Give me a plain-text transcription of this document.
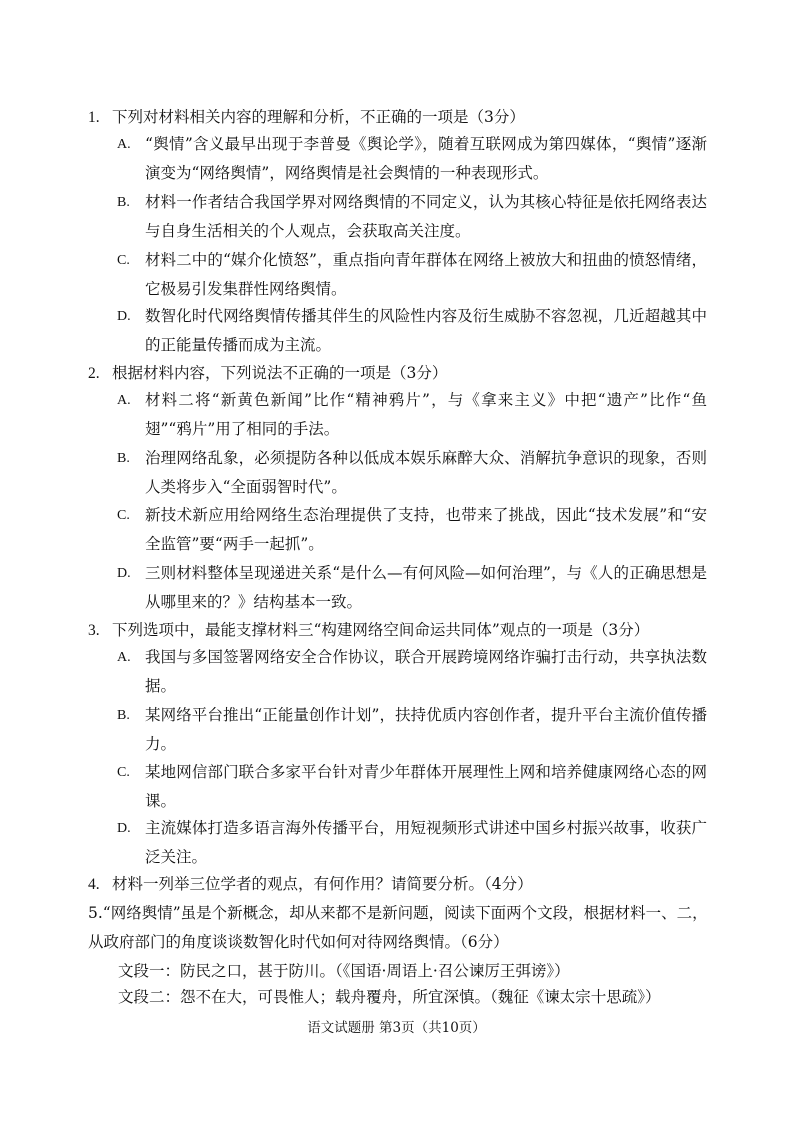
1. 下列对材料相关内容的理解和分析，不正确的一项是（3分）
A. “舆情”含义最早出现于李普曼《舆论学》，随着互联网成为第四媒体，“舆情”逐渐演变为“网络舆情”，网络舆情是社会舆情的一种表现形式。
B. 材料一作者结合我国学界对网络舆情的不同定义，认为其核心特征是依托网络表达与自身生活相关的个人观点，会获取高关注度。
C. 材料二中的“媒介化愤怒”，重点指向青年群体在网络上被放大和扭曲的愤怒情绪，它极易引发集群性网络舆情。
D. 数智化时代网络舆情传播其伴生的风险性内容及衍生威胁不容忽视，几近超越其中的正能量传播而成为主流。
2. 根据材料内容，下列说法不正确的一项是（3分）
A. 材料二将“新黄色新闻”比作“精神鸦片”，与《拿来主义》中把“遗产”比作“鱼翅”“鸦片”用了相同的手法。
B. 治理网络乱象，必须提防各种以低成本娱乐麻醉大众、消解抗争意识的现象，否则人类将步入“全面弱智时代”。
C. 新技术新应用给网络生态治理提供了支持，也带来了挑战，因此“技术发展”和“安全监管”要“两手一起抓”。
D. 三则材料整体呈现递进关系“是什么—有何风险—如何治理”，与《人的正确思想是从哪里来的？》结构基本一致。
3. 下列选项中，最能支撑材料三“构建网络空间命运共同体”观点的一项是（3分）
A. 我国与多国签署网络安全合作协议，联合开展跨境网络诈骗打击行动，共享执法数据。
B. 某网络平台推出“正能量创作计划”，扶持优质内容创作者，提升平台主流价值传播力。
C. 某地网信部门联合多家平台针对青少年群体开展理性上网和培养健康网络心态的网课。
D. 主流媒体打造多语言海外传播平台，用短视频形式讲述中国乡村振兴故事，收获广泛关注。
4. 材料一列举三位学者的观点，有何作用？请简要分析。（4分）
5.“网络舆情”虽是个新概念，却从来都不是新问题，阅读下面两个文段，根据材料一、二，从政府部门的角度谈谈数智化时代如何对待网络舆情。（6分）
文段一：防民之口，甚于防川。（《国语·周语上·召公谏厉王弭谤》）
文段二：怨不在大，可畏惟人；载舟覆舟，所宜深慎。（魏征《谏太宗十思疏》）
语文试题册 第3页（共10页）
